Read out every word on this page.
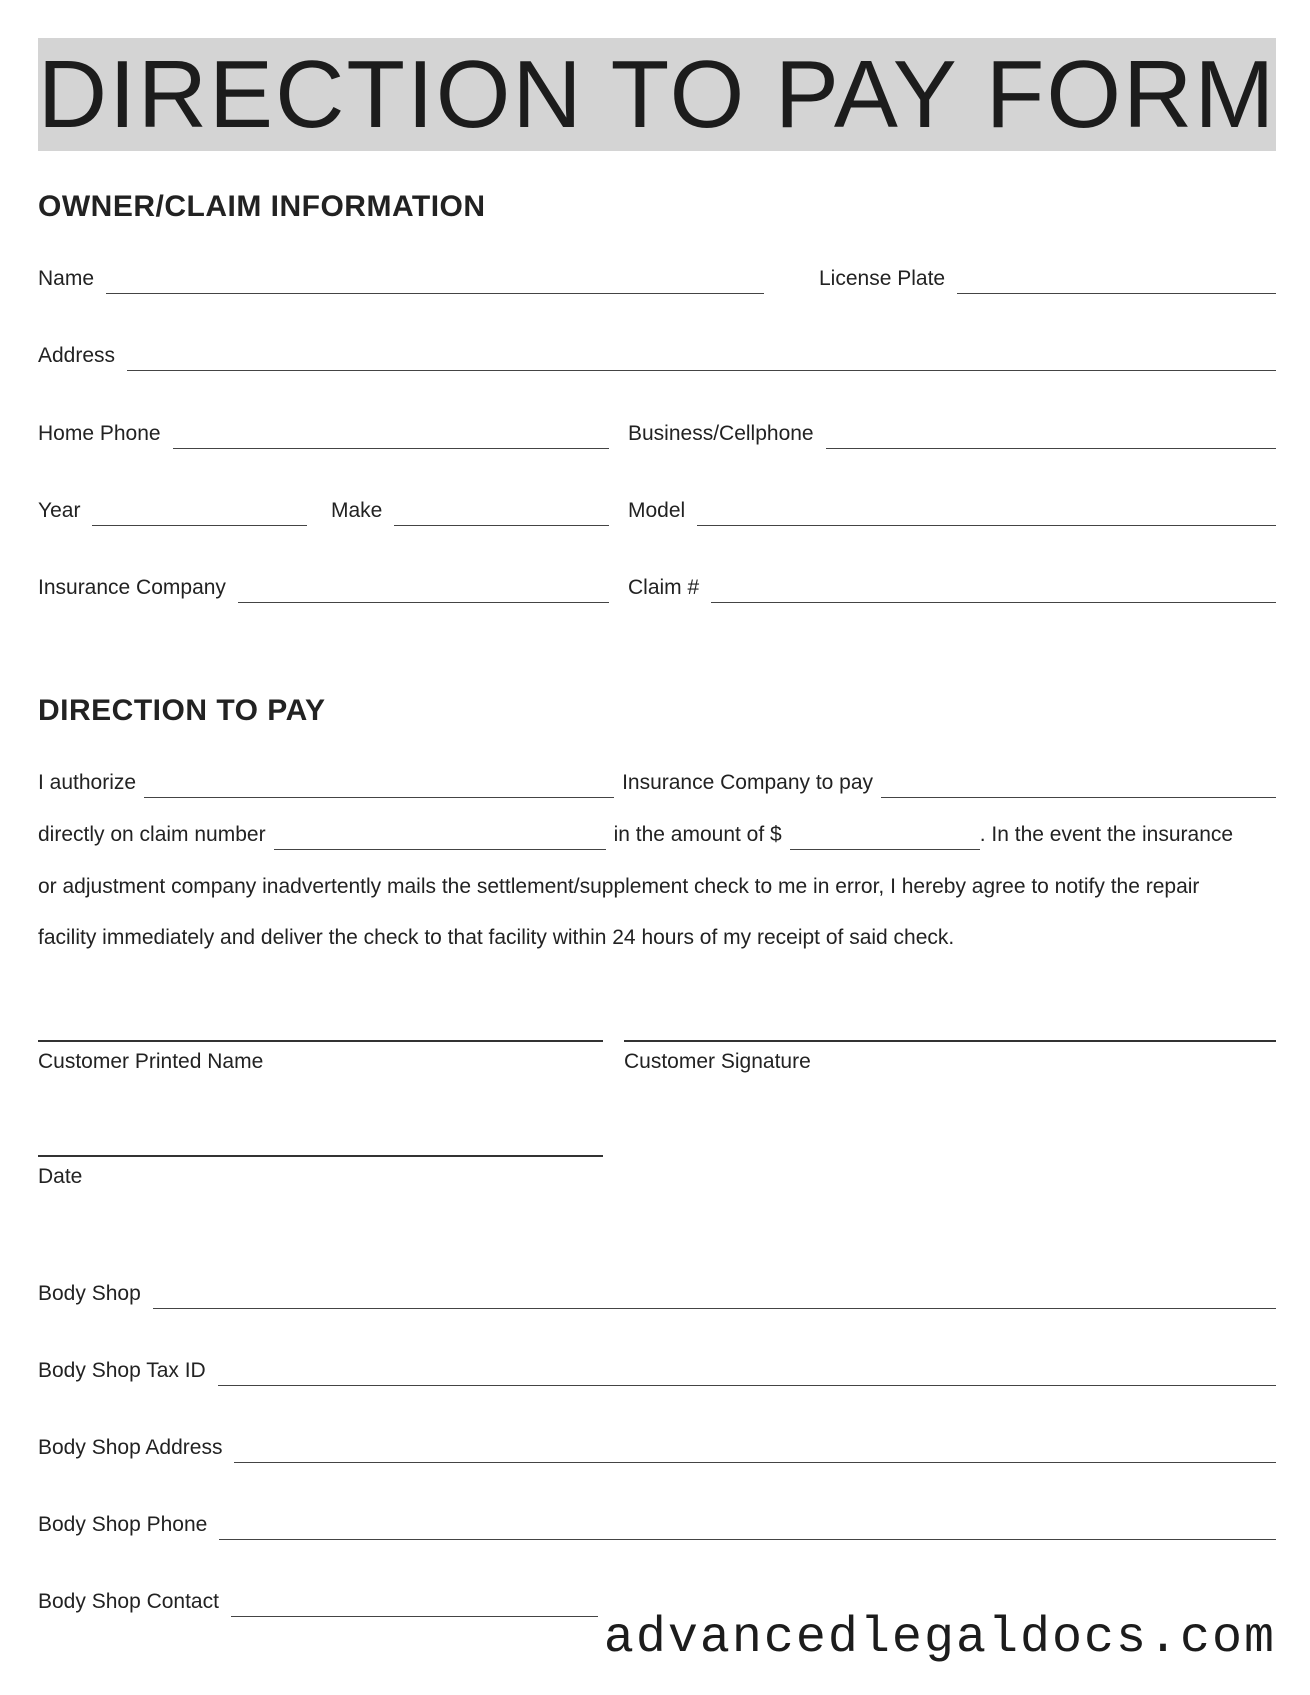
DIRECTION TO PAY FORM
OWNER/CLAIM INFORMATION
Name	License Plate
Address
Home Phone	Business/Cellphone
Year	Make	Model
Insurance Company	Claim #
DIRECTION TO PAY
I authorize	Insurance Company to pay
directly on claim number	in the amount of $	. In the event the insurance
or adjustment company inadvertently mails the settlement/supplement check to me in error, I hereby agree to notify the repair
facility immediately and deliver the check to that facility within 24 hours of my receipt of said check.
Customer Printed Name	Customer Signature
Date
Body Shop
Body Shop Tax ID
Body Shop Address
Body Shop Phone
Body Shop Contact
advancedlegaldocs.com
